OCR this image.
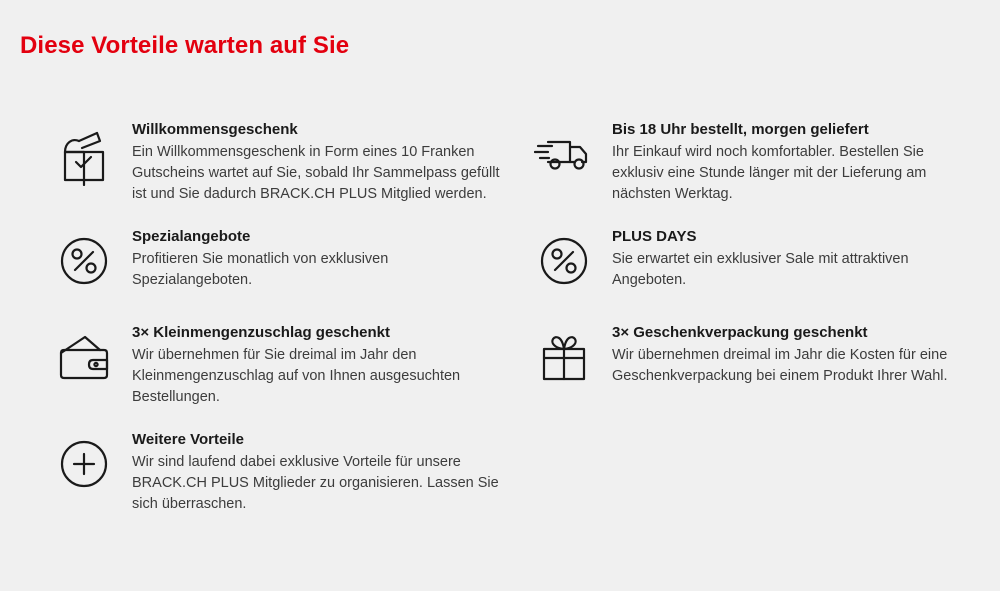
Diese Vorteile warten auf Sie

Willkommensgeschenk

Ein Willkommensgeschenk in Form eines 10 Franken Gutscheins wartet auf Sie, sobald Ihr Sammelpass gefüllt ist und Sie dadurch BRACK.CH PLUS Mitglied werden.

Bis 18 Uhr bestellt, morgen geliefert

Ihr Einkauf wird noch komfortabler. Bestellen Sie exklusiv eine Stunde länger mit der Lieferung am nächsten Werktag.

Spezialangebote

Profitieren Sie monatlich von exklusiven Spezialangeboten.

PLUS DAYS

Sie erwartet ein exklusiver Sale mit attraktiven Angeboten.

3× Kleinmengenzuschlag geschenkt

Wir übernehmen für Sie dreimal im Jahr den Kleinmengenzuschlag auf von Ihnen ausgesuchten Bestellungen.

3× Geschenkverpackung geschenkt

Wir übernehmen dreimal im Jahr die Kosten für eine Geschenkverpackung bei einem Produkt Ihrer Wahl.

Weitere Vorteile

Wir sind laufend dabei exklusive Vorteile für unsere BRACK.CH PLUS Mitglieder zu organisieren. Lassen Sie sich überraschen.
